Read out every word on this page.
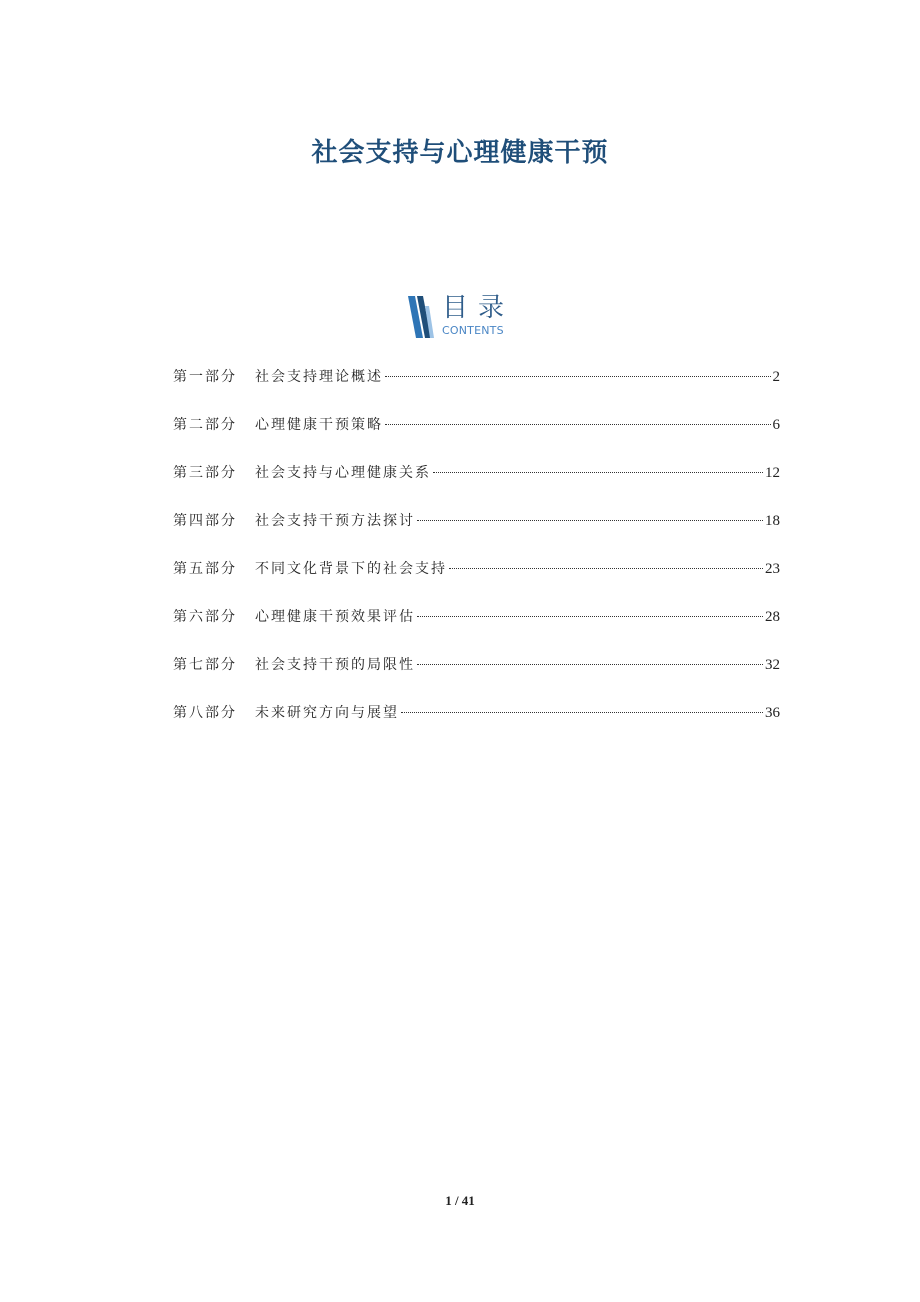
社会支持与心理健康干预
目录
CONTENTS
第一部分	社会支持理论概述	2
第二部分	心理健康干预策略	6
第三部分	社会支持与心理健康关系	12
第四部分	社会支持干预方法探讨	18
第五部分	不同文化背景下的社会支持	23
第六部分	心理健康干预效果评估	28
第七部分	社会支持干预的局限性	32
第八部分	未来研究方向与展望	36
1 / 41
